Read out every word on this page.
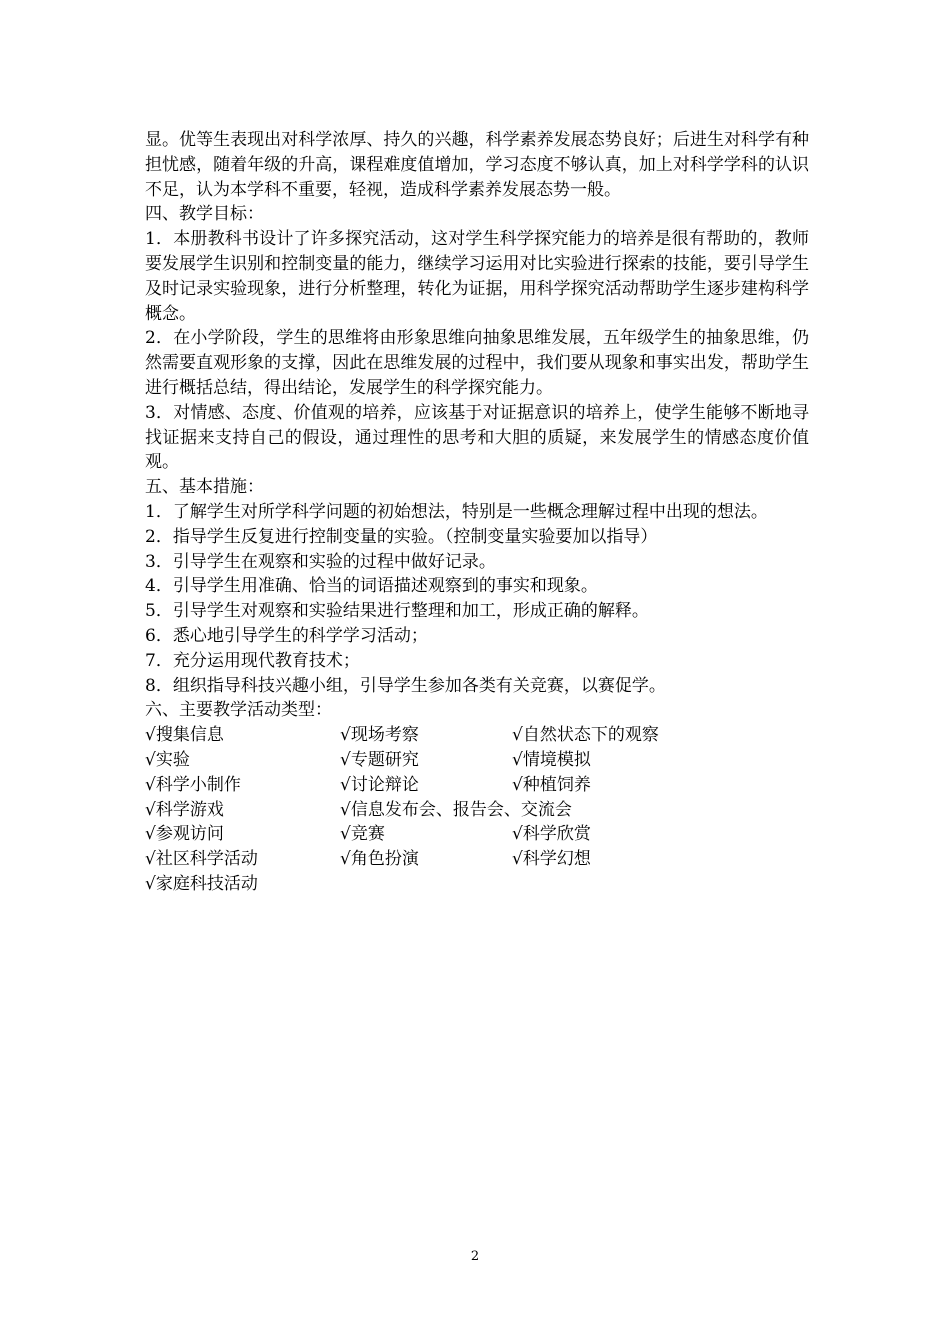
显。优等生表现出对科学浓厚、持久的兴趣，科学素养发展态势良好；后进生对科学有种担忧感，随着年级的升高，课程难度值增加，学习态度不够认真，加上对科学学科的认识不足，认为本学科不重要，轻视，造成科学素养发展态势一般。

四、教学目标：

1．本册教科书设计了许多探究活动，这对学生科学探究能力的培养是很有帮助的，教师要发展学生识别和控制变量的能力，继续学习运用对比实验进行探索的技能，要引导学生及时记录实验现象，进行分析整理，转化为证据，用科学探究活动帮助学生逐步建构科学概念。

2．在小学阶段，学生的思维将由形象思维向抽象思维发展，五年级学生的抽象思维，仍然需要直观形象的支撑，因此在思维发展的过程中，我们要从现象和事实出发，帮助学生进行概括总结，得出结论，发展学生的科学探究能力。

3．对情感、态度、价值观的培养，应该基于对证据意识的培养上，使学生能够不断地寻找证据来支持自己的假设，通过理性的思考和大胆的质疑，来发展学生的情感态度价值观。

五、基本措施：

1．了解学生对所学科学问题的初始想法，特别是一些概念理解过程中出现的想法。

2．指导学生反复进行控制变量的实验。（控制变量实验要加以指导）

3．引导学生在观察和实验的过程中做好记录。

4．引导学生用准确、恰当的词语描述观察到的事实和现象。

5．引导学生对观察和实验结果进行整理和加工，形成正确的解释。

6．悉心地引导学生的科学学习活动；

7．充分运用现代教育技术；

8．组织指导科技兴趣小组，引导学生参加各类有关竞赛，以赛促学。

六、主要教学活动类型：

√搜集信息	√现场考察	√自然状态下的观察
√实验	√专题研究	√情境模拟
√科学小制作	√讨论辩论	√种植饲养
√科学游戏	√信息发布会、报告会、交流会
√参观访问	√竞赛	√科学欣赏
√社区科学活动	√角色扮演	√科学幻想
√家庭科技活动
2
